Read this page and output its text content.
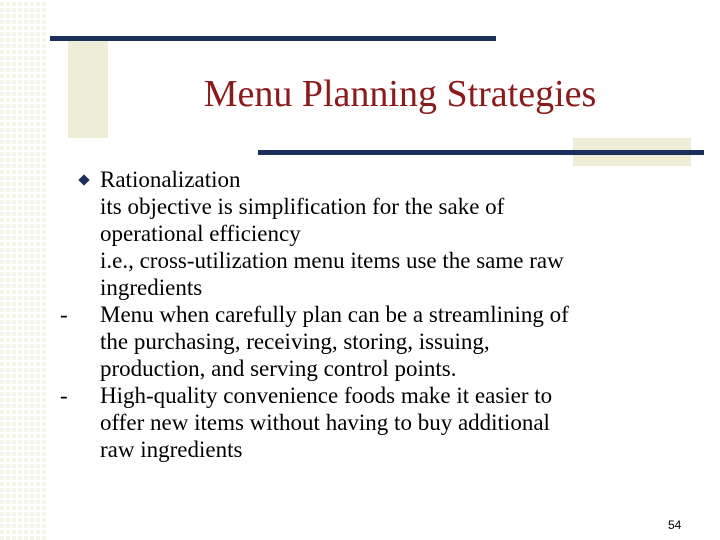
Menu Planning Strategies
Rationalization
its objective is simplification for the sake of
operational efficiency
i.e., cross-utilization menu items use the same raw
ingredients
- Menu when carefully plan can be a streamlining of
the purchasing, receiving, storing, issuing,
production, and serving control points.
- High-quality convenience foods make it easier to
offer new items without having to buy additional
raw ingredients
54
